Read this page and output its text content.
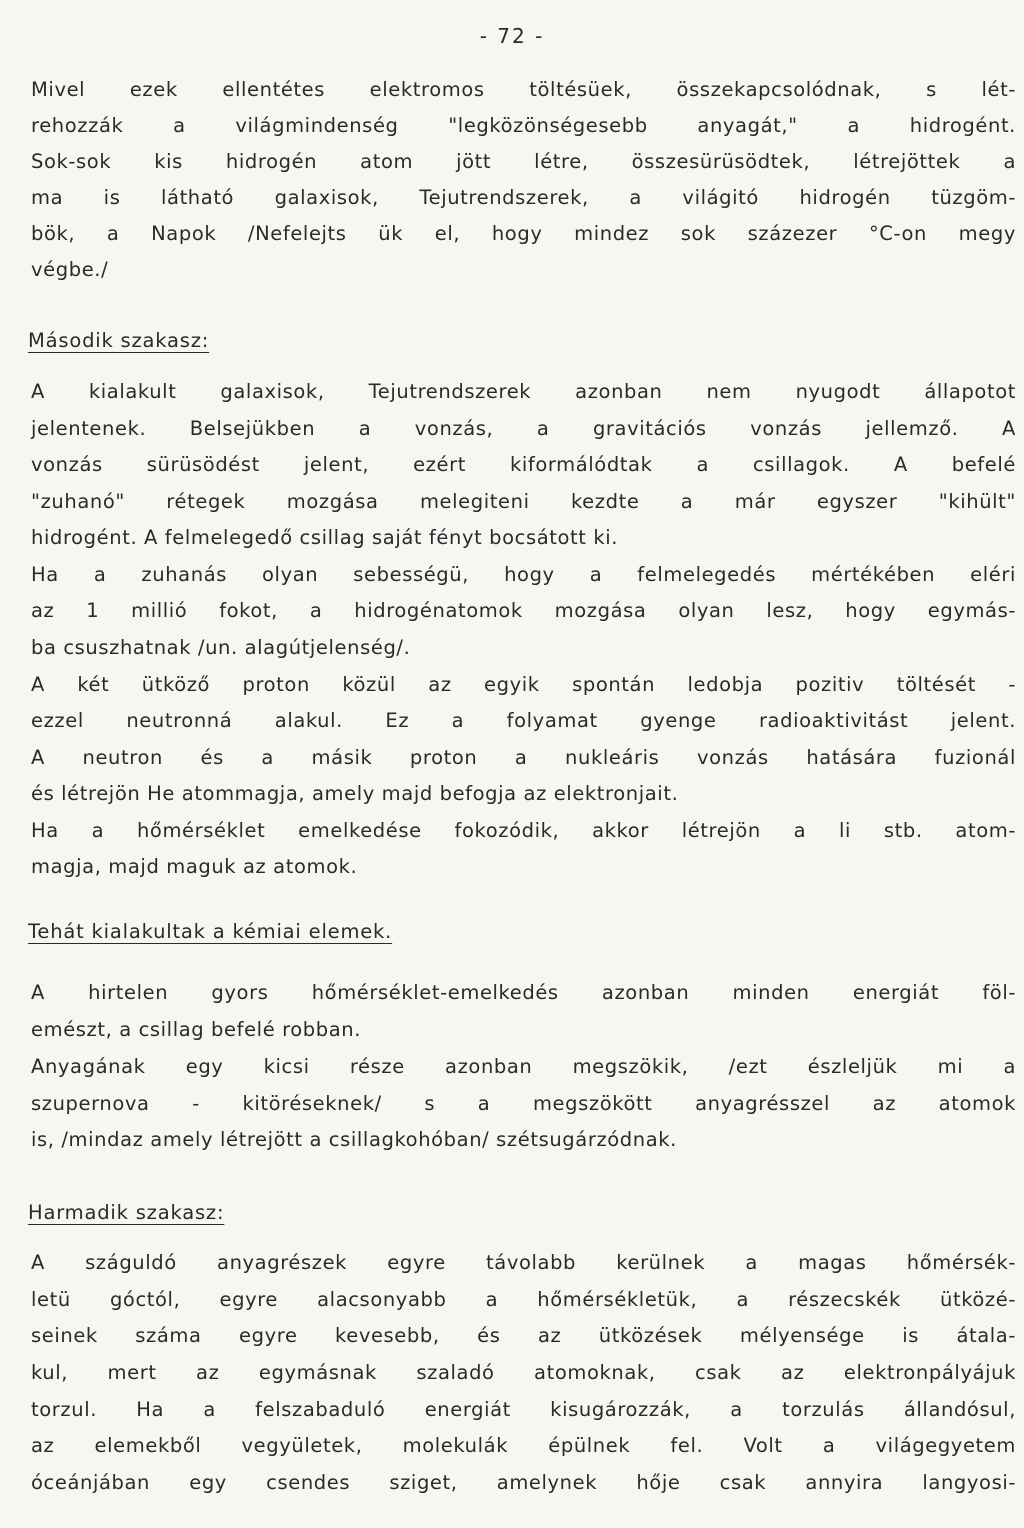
- 72 -
Mivel ezek ellentétes elektromos töltésüek, összekapcsolódnak, s lét-
rehozzák a világmindenség "legközönségesebb anyagát," a hidrogént.
Sok-sok kis hidrogén atom jött létre, összesürüsödtek, létrejöttek a
ma is látható galaxisok, Tejutrendszerek, a világitó hidrogén tüzgöm-
bök, a Napok /Nefelejts ük el, hogy mindez sok százezer °C-on megy
végbe./
Második szakasz:
A kialakult galaxisok, Tejutrendszerek azonban nem nyugodt állapotot
jelentenek. Belsejükben a vonzás, a gravitációs vonzás jellemző. A
vonzás sürüsödést jelent, ezért kiformálódtak a csillagok. A befelé
"zuhanó" rétegek mozgása melegiteni kezdte a már egyszer "kihült"
hidrogént. A felmelegedő csillag saját fényt bocsátott ki.
Ha a zuhanás olyan sebességü, hogy a felmelegedés mértékében eléri
az 1 millió fokot, a hidrogénatomok mozgása olyan lesz, hogy egymás-
ba csuszhatnak /un. alagútjelenség/.
A két ütköző proton közül az egyik spontán ledobja pozitiv töltését -
ezzel neutronná alakul. Ez a folyamat gyenge radioaktivitást jelent.
A neutron és a másik proton a nukleáris vonzás hatására fuzionál
és létrejön He atommagja, amely majd befogja az elektronjait.
Ha a hőmérséklet emelkedése fokozódik, akkor létrejön a li stb. atom-
magja, majd maguk az atomok.
Tehát kialakultak a kémiai elemek.
A hirtelen gyors hőmérséklet-emelkedés azonban minden energiát föl-
emészt, a csillag befelé robban.
Anyagának egy kicsi része azonban megszökik, /ezt észleljük mi a
szupernova - kitöréseknek/ s a megszökött anyagrésszel az atomok
is, /mindaz amely létrejött a csillagkohóban/ szétsugárzódnak.
Harmadik szakasz:
A száguldó anyagrészek egyre távolabb kerülnek a magas hőmérsék-
letü góctól, egyre alacsonyabb a hőmérsékletük, a részecskék ütközé-
seinek száma egyre kevesebb, és az ütközések mélyensége is átala-
kul, mert az egymásnak szaladó atomoknak, csak az elektronpályájuk
torzul. Ha a felszabaduló energiát kisugározzák, a torzulás állandósul,
az elemekből vegyületek, molekulák épülnek fel. Volt a világegyetem
óceánjában egy csendes sziget, amelynek hője csak annyira langyosi-
